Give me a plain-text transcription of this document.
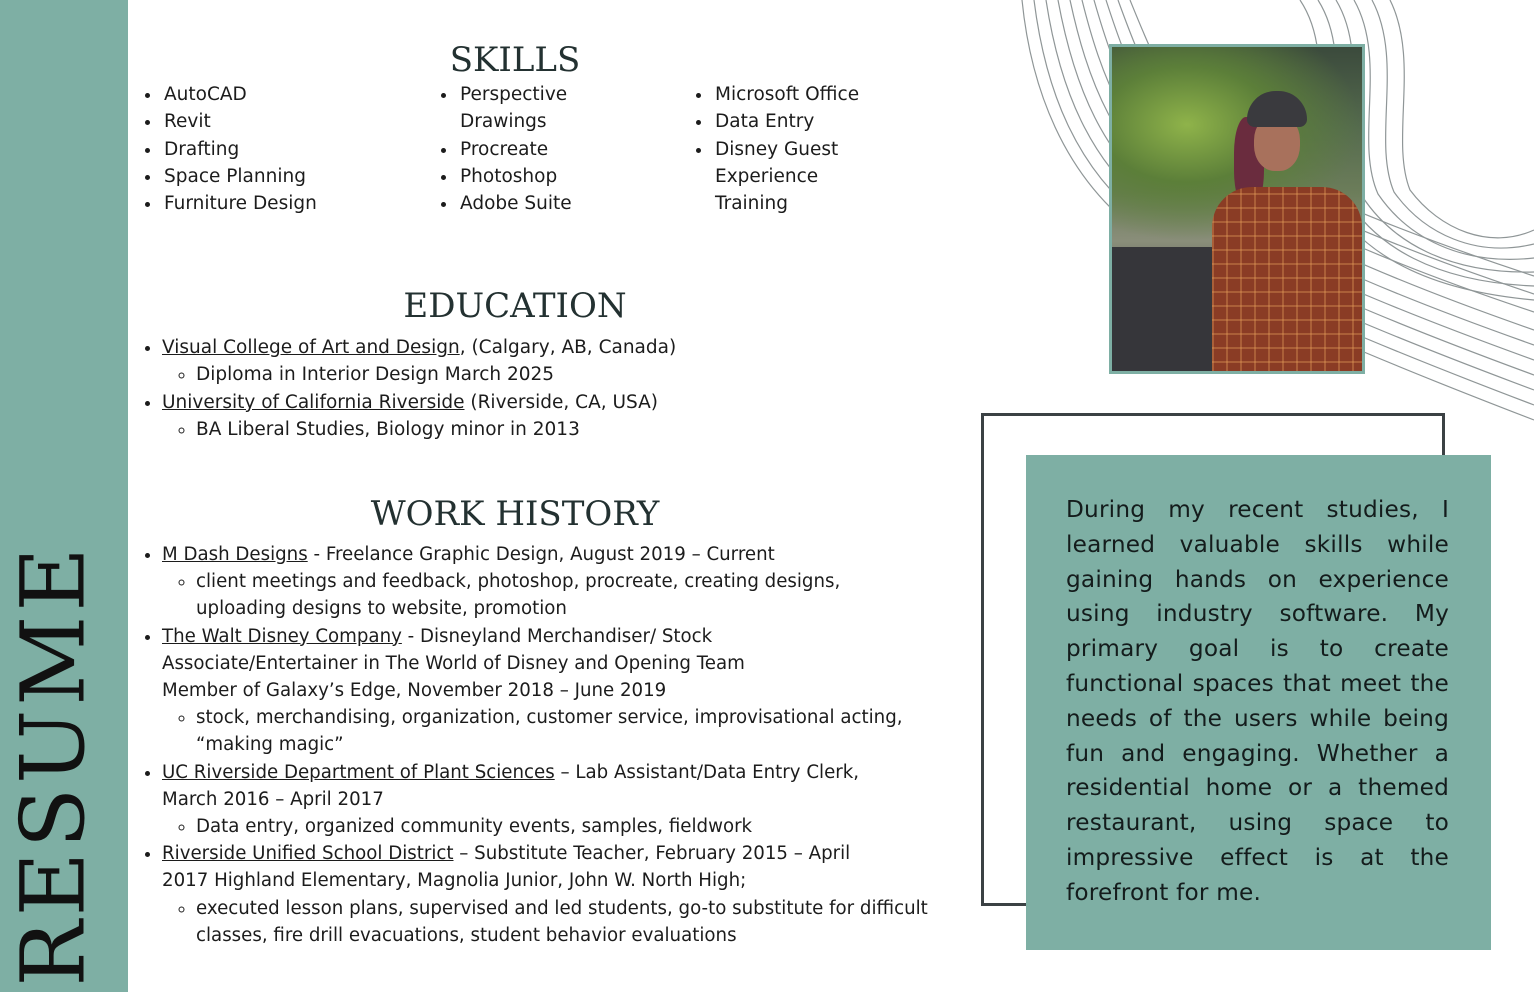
RESUME
SKILLS
• AutoCAD
• Revit
• Drafting
• Space Planning
• Furniture Design
• Perspective Drawings
• Procreate
• Photoshop
• Adobe Suite
• Microsoft Office
• Data Entry
• Disney Guest Experience Training
EDUCATION
• Visual College of Art and Design, (Calgary, AB, Canada)
◦ Diploma in Interior Design March 2025
• University of California Riverside (Riverside, CA, USA)
◦ BA Liberal Studies, Biology minor in 2013
WORK HISTORY
• M Dash Designs - Freelance Graphic Design, August 2019 – Current
◦ client meetings and feedback, photoshop, procreate, creating designs, uploading designs to website, promotion
• The Walt Disney Company - Disneyland Merchandiser/ Stock Associate/Entertainer in The World of Disney and Opening Team Member of Galaxy’s Edge, November 2018 – June 2019
◦ stock, merchandising, organization, customer service, improvisational acting, “making magic”
• UC Riverside Department of Plant Sciences – Lab Assistant/Data Entry Clerk, March 2016 – April 2017
◦ Data entry, organized community events, samples, fieldwork
• Riverside Unified School District – Substitute Teacher, February 2015 – April 2017 Highland Elementary, Magnolia Junior, John W. North High;
◦ executed lesson plans, supervised and led students, go-to substitute for difficult classes, fire drill evacuations, student behavior evaluations

During my recent studies, I learned valuable skills while gaining hands on experience using industry software. My primary goal is to create functional spaces that meet the needs of the users while being fun and engaging. Whether a residential home or a themed restaurant, using space to impressive effect is at the forefront for me.
